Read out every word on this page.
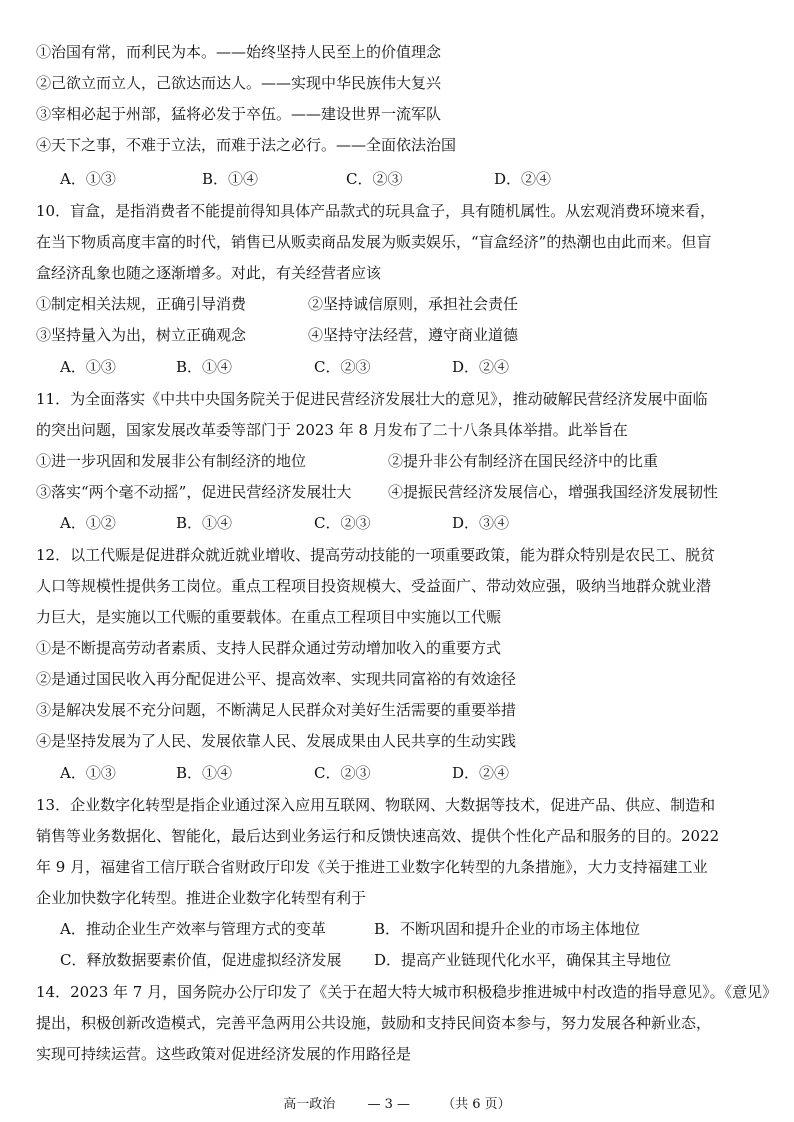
①治国有常，而利民为本。——始终坚持人民至上的价值理念
②己欲立而立人，己欲达而达人。——实现中华民族伟大复兴
③宰相必起于州部，猛将必发于卒伍。——建设世界一流军队
④天下之事，不难于立法，而难于法之必行。——全面依法治国
A．①③	B．①④	C．②③	D．②④
10．盲盒，是指消费者不能提前得知具体产品款式的玩具盒子，具有随机属性。从宏观消费环境来看，
在当下物质高度丰富的时代，销售已从贩卖商品发展为贩卖娱乐，“盲盒经济”的热潮也由此而来。但盲
盒经济乱象也随之逐渐增多。对此，有关经营者应该
①制定相关法规，正确引导消费	②坚持诚信原则，承担社会责任
③坚持量入为出，树立正确观念	④坚持守法经营，遵守商业道德
A．①③	B．①④	C．②③	D．②④
11．为全面落实《中共中央国务院关于促进民营经济发展壮大的意见》，推动破解民营经济发展中面临
的突出问题，国家发展改革委等部门于 2023 年 8 月发布了二十八条具体举措。此举旨在
①进一步巩固和发展非公有制经济的地位	②提升非公有制经济在国民经济中的比重
③落实“两个毫不动摇”，促进民营经济发展壮大 ④提振民营经济发展信心，增强我国经济发展韧性
A．①②	B．①④	C．②③	D．③④
12．以工代赈是促进群众就近就业增收、提高劳动技能的一项重要政策，能为群众特别是农民工、脱贫
人口等规模性提供务工岗位。重点工程项目投资规模大、受益面广、带动效应强，吸纳当地群众就业潜
力巨大，是实施以工代赈的重要载体。在重点工程项目中实施以工代赈
①是不断提高劳动者素质、支持人民群众通过劳动增加收入的重要方式
②是通过国民收入再分配促进公平、提高效率、实现共同富裕的有效途径
③是解决发展不充分问题，不断满足人民群众对美好生活需要的重要举措
④是坚持发展为了人民、发展依靠人民、发展成果由人民共享的生动实践
A．①③	B．①④	C．②③	D．②④
13．企业数字化转型是指企业通过深入应用互联网、物联网、大数据等技术，促进产品、供应、制造和
销售等业务数据化、智能化，最后达到业务运行和反馈快速高效、提供个性化产品和服务的目的。2022
年 9 月，福建省工信厅联合省财政厅印发《关于推进工业数字化转型的九条措施》，大力支持福建工业
企业加快数字化转型。推进企业数字化转型有利于
A．推动企业生产效率与管理方式的变革	B．不断巩固和提升企业的市场主体地位
C．释放数据要素价值，促进虚拟经济发展 D．提高产业链现代化水平，确保其主导地位
14．2023 年 7 月，国务院办公厅印发了《关于在超大特大城市积极稳步推进城中村改造的指导意见》。《意见》
提出，积极创新改造模式，完善平急两用公共设施，鼓励和支持民间资本参与，努力发展各种新业态，
实现可持续运营。这些政策对促进经济发展的作用路径是
高一政治 — 3 — （共 6 页）
